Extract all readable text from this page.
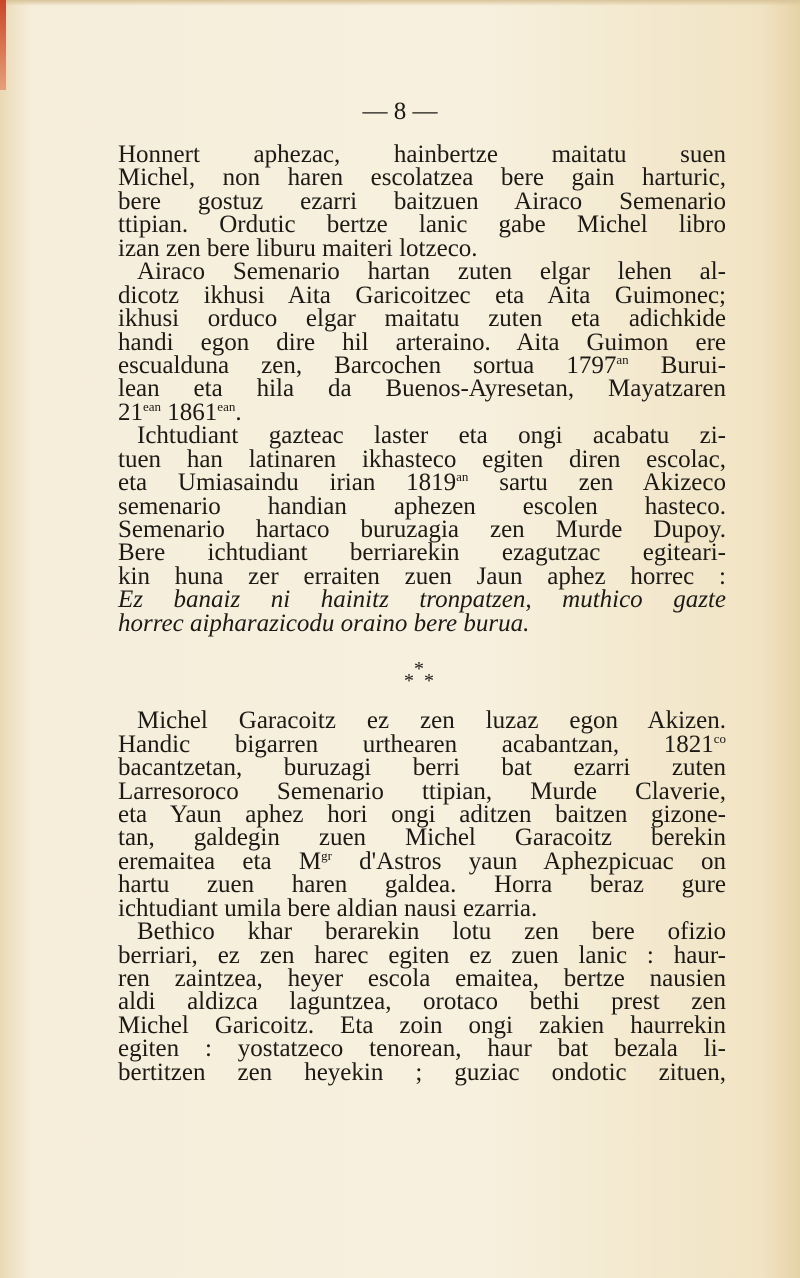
— 8 —
Honnert aphezac, hainbertze maitatu suen
Michel, non haren escolatzea bere gain harturic,
bere gostuz ezarri baitzuen Airaco Semenario
ttipian. Ordutic bertze lanic gabe Michel libro
izan zen bere liburu maiteri lotzeco.
Airaco Semenario hartan zuten elgar lehen al-
dicotz ikhusi Aita Garicoitzec eta Aita Guimonec;
ikhusi orduco elgar maitatu zuten eta adichkide
handi egon dire hil arteraino. Aita Guimon ere
escualduna zen, Barcochen sortua $1797^{an}$ Burui-
lean eta hila da Buenos-Ayresetan, Mayatzaren
$21^{ean}$ $1861^{ean}$.
Ichtudiant gazteac laster eta ongi acabatu zi-
tuen han latinaren ikhasteco egiten diren escolac,
eta Umiasaindu irian $1819^{an}$ sartu zen Akizeco
semenario handian aphezen escolen hasteco.
Semenario hartaco buruzagia zen Murde Dupoy.
Bere ichtudiant berriarekin ezagutzac egiteari-
kin huna zer erraiten zuen Jaun aphez horrec :
Ez banaiz ni hainitz tronpatzen, muthico gazte
horrec aipharazicodu oraino bere burua.
*
* *
Michel Garacoitz ez zen luzaz egon Akizen.
Handic bigarren urthearen acabantzan, $1821^{co}$
bacantzetan, buruzagi berri bat ezarri zuten
Larresoroco Semenario ttipian, Murde Claverie,
eta Yaun aphez hori ongi aditzen baitzen gizone-
tan, galdegin zuen Michel Garacoitz berekin
eremaitea eta $M^{gr}$ d'Astros yaun Aphezpicuac on
hartu zuen haren galdea. Horra beraz gure
ichtudiant umila bere aldian nausi ezarria.
Bethico khar berarekin lotu zen bere ofizio
berriari, ez zen harec egiten ez zuen lanic : haur-
ren zaintzea, heyer escola emaitea, bertze nausien
aldi aldizca laguntzea, orotaco bethi prest zen
Michel Garicoitz. Eta zoin ongi zakien haurrekin
egiten : yostatzeco tenorean, haur bat bezala li-
bertitzen zen heyekin ; guziac ondotic zituen,
